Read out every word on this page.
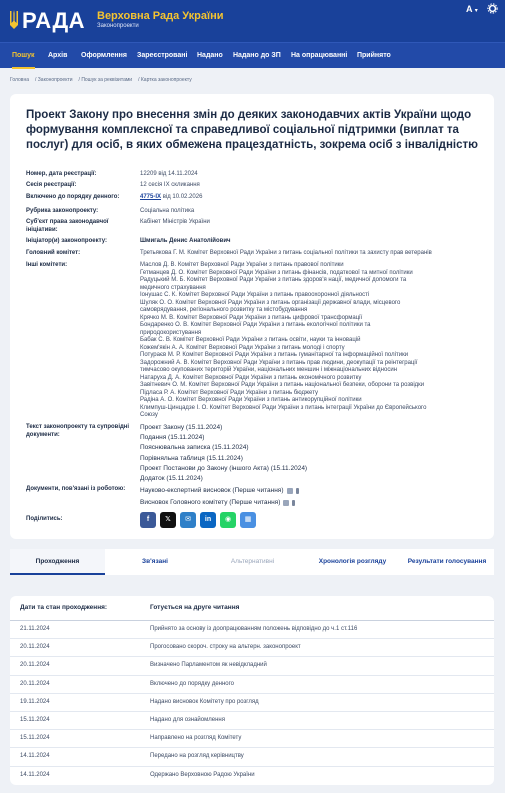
РАДА Верховна Рада України
Законопроекти
A ▾
Пошук Архів Оформлення Зареєстровані Надано Надано до ЗП На опрацюванні Прийнято
Головна / Законопроекти / Пошук за реквізитами / Картка законопроекту
Проект Закону про внесення змін до деяких законодавчих актів України щодо формування комплексної та справедливої соціальної підтримки (виплат та послуг) для осіб, в яких обмежена працездатність, зокрема осіб з інвалідністю
Номер, дата реєстрації:	12209 від 14.11.2024
Сесія реєстрації:	12 сесія IX скликання
Включено до порядку денного:	4775-IX від 10.02.2026
Рубрика законопроекту:	Соціальна політика
Суб'єкт права законодавчої ініціативи:
Кабінет Міністрів України
Ініціатор(и) законопроекту:	Шмигаль Денис Анатолійович
Головний комітет:	Третьякова Г. М. Комітет Верховної Ради України з питань соціальної політики та захисту прав ветеранів
Інші комітети:	Маслов Д. В. Комітет Верховної Ради України з питань правової політики
Гетманцев Д. О. Комітет Верховної Ради України з питань фінансів, податкової та митної політики
Радуцький М. Б. Комітет Верховної Ради України з питань здоров'я нації, медичної допомоги та
медичного страхування
Іонушас С. К. Комітет Верховної Ради України з питань правоохоронної діяльності
Шуляк О. О. Комітет Верховної Ради України з питань організації державної влади, місцевого
самоврядування, регіонального розвитку та містобудування
Крячко М. В. Комітет Верховної Ради України з питань цифрової трансформації
Бондаренко О. В. Комітет Верховної Ради України з питань екологічної політики та
природокористування
Бабак С. В. Комітет Верховної Ради України з питань освіти, науки та інновацій
Кожем'якін А. А. Комітет Верховної Ради України з питань молоді і спорту
Потураєв М. Р. Комітет Верховної Ради України з питань гуманітарної та інформаційної політики
Задорожний А. В. Комітет Верховної Ради України з питань прав людини, деокупації та реінтеграції
тимчасово окупованих територій України, національних меншин і міжнаціональних відносин
Натаруха Д. А. Комітет Верховної Ради України з питань економічного розвитку
Завітневич О. М. Комітет Верховної Ради України з питань національної безпеки, оборони та розвідки
Підласа Р. А. Комітет Верховної Ради України з питань бюджету
Радіна А. О. Комітет Верховної Ради України з питань антикорупційної політики
Климпуш-Цинцадзе І. О. Комітет Верховної Ради України з питань інтеграції України до Європейського
Союзу
Текст законопроекту та супровідні документи:
Проект Закону (15.11.2024)
Подання (15.11.2024)
Пояснювальна записка (15.11.2024)
Порівняльна таблиця (15.11.2024)
Проект Постанови до Закону (іншого Акта) (15.11.2024)
Додаток (15.11.2024)
Документи, пов'язані із роботою:	Науково-експертний висновок (Перше читання)
Висновок Головного комітету (Перше читання)
Поділитись:	f	𝕏	✉	in	◉	▦
Проходження	Зв'язані	Альтернативні	Хронологія розгляду	Результати голосування
Дати та стан проходження:	Готується на друге читання
21.11.2024	Прийнято за основу із доопрацюванням положень відповідно до ч.1 ст.116
20.11.2024	Прогосовано скороч. строку на альтерн. законопроект
20.11.2024	Визначено Парламентом як невідкладний
20.11.2024	Включено до порядку денного
19.11.2024	Надано висновок Комітету про розгляд
15.11.2024	Надано для ознайомлення
15.11.2024	Направлено на розгляд Комітету
14.11.2024	Передано на розгляд керівництву
14.11.2024	Одержано Верховною Радою України
